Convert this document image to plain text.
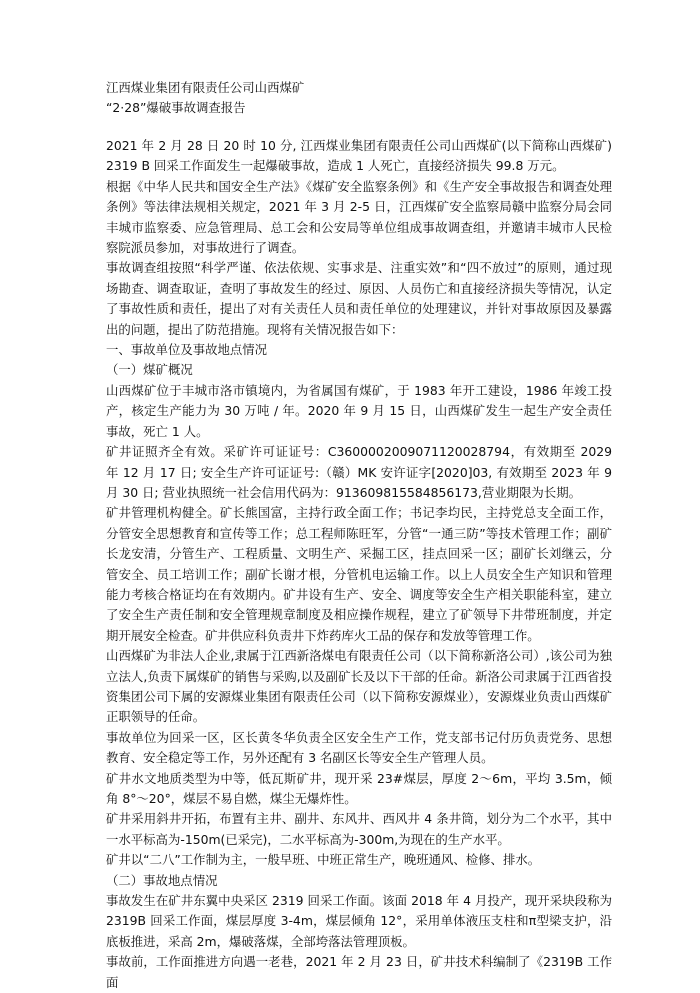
江西煤业集团有限责任公司山西煤矿

“2·28”爆破事故调查报告

2021 年 2 月 28 日 20 时 10 分, 江西煤业集团有限责任公司山西煤矿(以下简称山西煤矿)2319 B 回采工作面发生一起爆破事故，造成 1 人死亡，直接经济损失 99.8 万元。

根据《中华人民共和国安全生产法》《煤矿安全监察条例》和《生产安全事故报告和调查处理条例》等法律法规相关规定，2021 年 3 月 2-5 日，江西煤矿安全监察局赣中监察分局会同丰城市监察委、应急管理局、总工会和公安局等单位组成事故调查组，并邀请丰城市人民检察院派员参加，对事故进行了调查。

事故调查组按照“科学严谨、依法依规、实事求是、注重实效”和“四不放过”的原则，通过现场勘查、调查取证，查明了事故发生的经过、原因、人员伤亡和直接经济损失等情况，认定了事故性质和责任，提出了对有关责任人员和责任单位的处理建议，并针对事故原因及暴露出的问题，提出了防范措施。现将有关情况报告如下：

一、事故单位及事故地点情况

（一）煤矿概况

山西煤矿位于丰城市洛市镇境内，为省属国有煤矿，于 1983 年开工建设，1986 年竣工投产，核定生产能力为 30 万吨 / 年。2020 年 9 月 15 日，山西煤矿发生一起生产安全责任事故，死亡 1 人。

矿井证照齐全有效。采矿许可证证号：C3600002009071120028794，有效期至 2029 年 12 月 17 日; 安全生产许可证证号:（赣）MK 安许证字[2020]03, 有效期至 2023 年 9 月 30 日; 营业执照统一社会信用代码为：913609815584856173,营业期限为长期。

矿井管理机构健全。矿长熊国富，主持行政全面工作；书记李均民，主持党总支全面工作，分管安全思想教育和宣传等工作；总工程师陈旺军，分管“一通三防”等技术管理工作；副矿长龙安清，分管生产、工程质量、文明生产、采掘工区，挂点回采一区；副矿长刘继云，分管安全、员工培训工作；副矿长谢才根，分管机电运输工作。以上人员安全生产知识和管理能力考核合格证均在有效期内。矿井设有生产、安全、调度等安全生产相关职能科室，建立了安全生产责任制和安全管理规章制度及相应操作规程，建立了矿领导下井带班制度，并定期开展安全检查。矿井供应科负责井下炸药库火工品的保存和发放等管理工作。

山西煤矿为非法人企业,隶属于江西新洛煤电有限责任公司（以下简称新洛公司）,该公司为独立法人,负责下属煤矿的销售与采购,以及副矿长及以下干部的任命。新洛公司隶属于江西省投资集团公司下属的安源煤业集团有限责任公司（以下简称安源煤业），安源煤业负责山西煤矿正职领导的任命。

事故单位为回采一区，区长黄冬华负责全区安全生产工作，党支部书记付历负责党务、思想教育、安全稳定等工作，另外还配有 3 名副区长等安全生产管理人员。

矿井水文地质类型为中等，低瓦斯矿井，现开采 23#煤层，厚度 2～6m，平均 3.5m，倾角 8°～20°，煤层不易自燃，煤尘无爆炸性。

矿井采用斜井开拓，布置有主井、副井、东风井、西风井 4 条井筒，划分为二个水平，其中一水平标高为-150m(已采完)，二水平标高为-300m,为现在的生产水平。

矿井以“二八”工作制为主，一般早班、中班正常生产，晚班通风、检修、排水。

（二）事故地点情况

事故发生在矿井东翼中央采区 2319 回采工作面。该面 2018 年 4 月投产，现开采块段称为 2319B 回采工作面，煤层厚度 3-4m，煤层倾角 12°，采用单体液压支柱和π型梁支护，沿底板推进，采高 2m，爆破落煤，全部垮落法管理顶板。

事故前，工作面推进方向遇一老巷，2021 年 2 月 23 日，矿井技术科编制了《2319B 工作面
